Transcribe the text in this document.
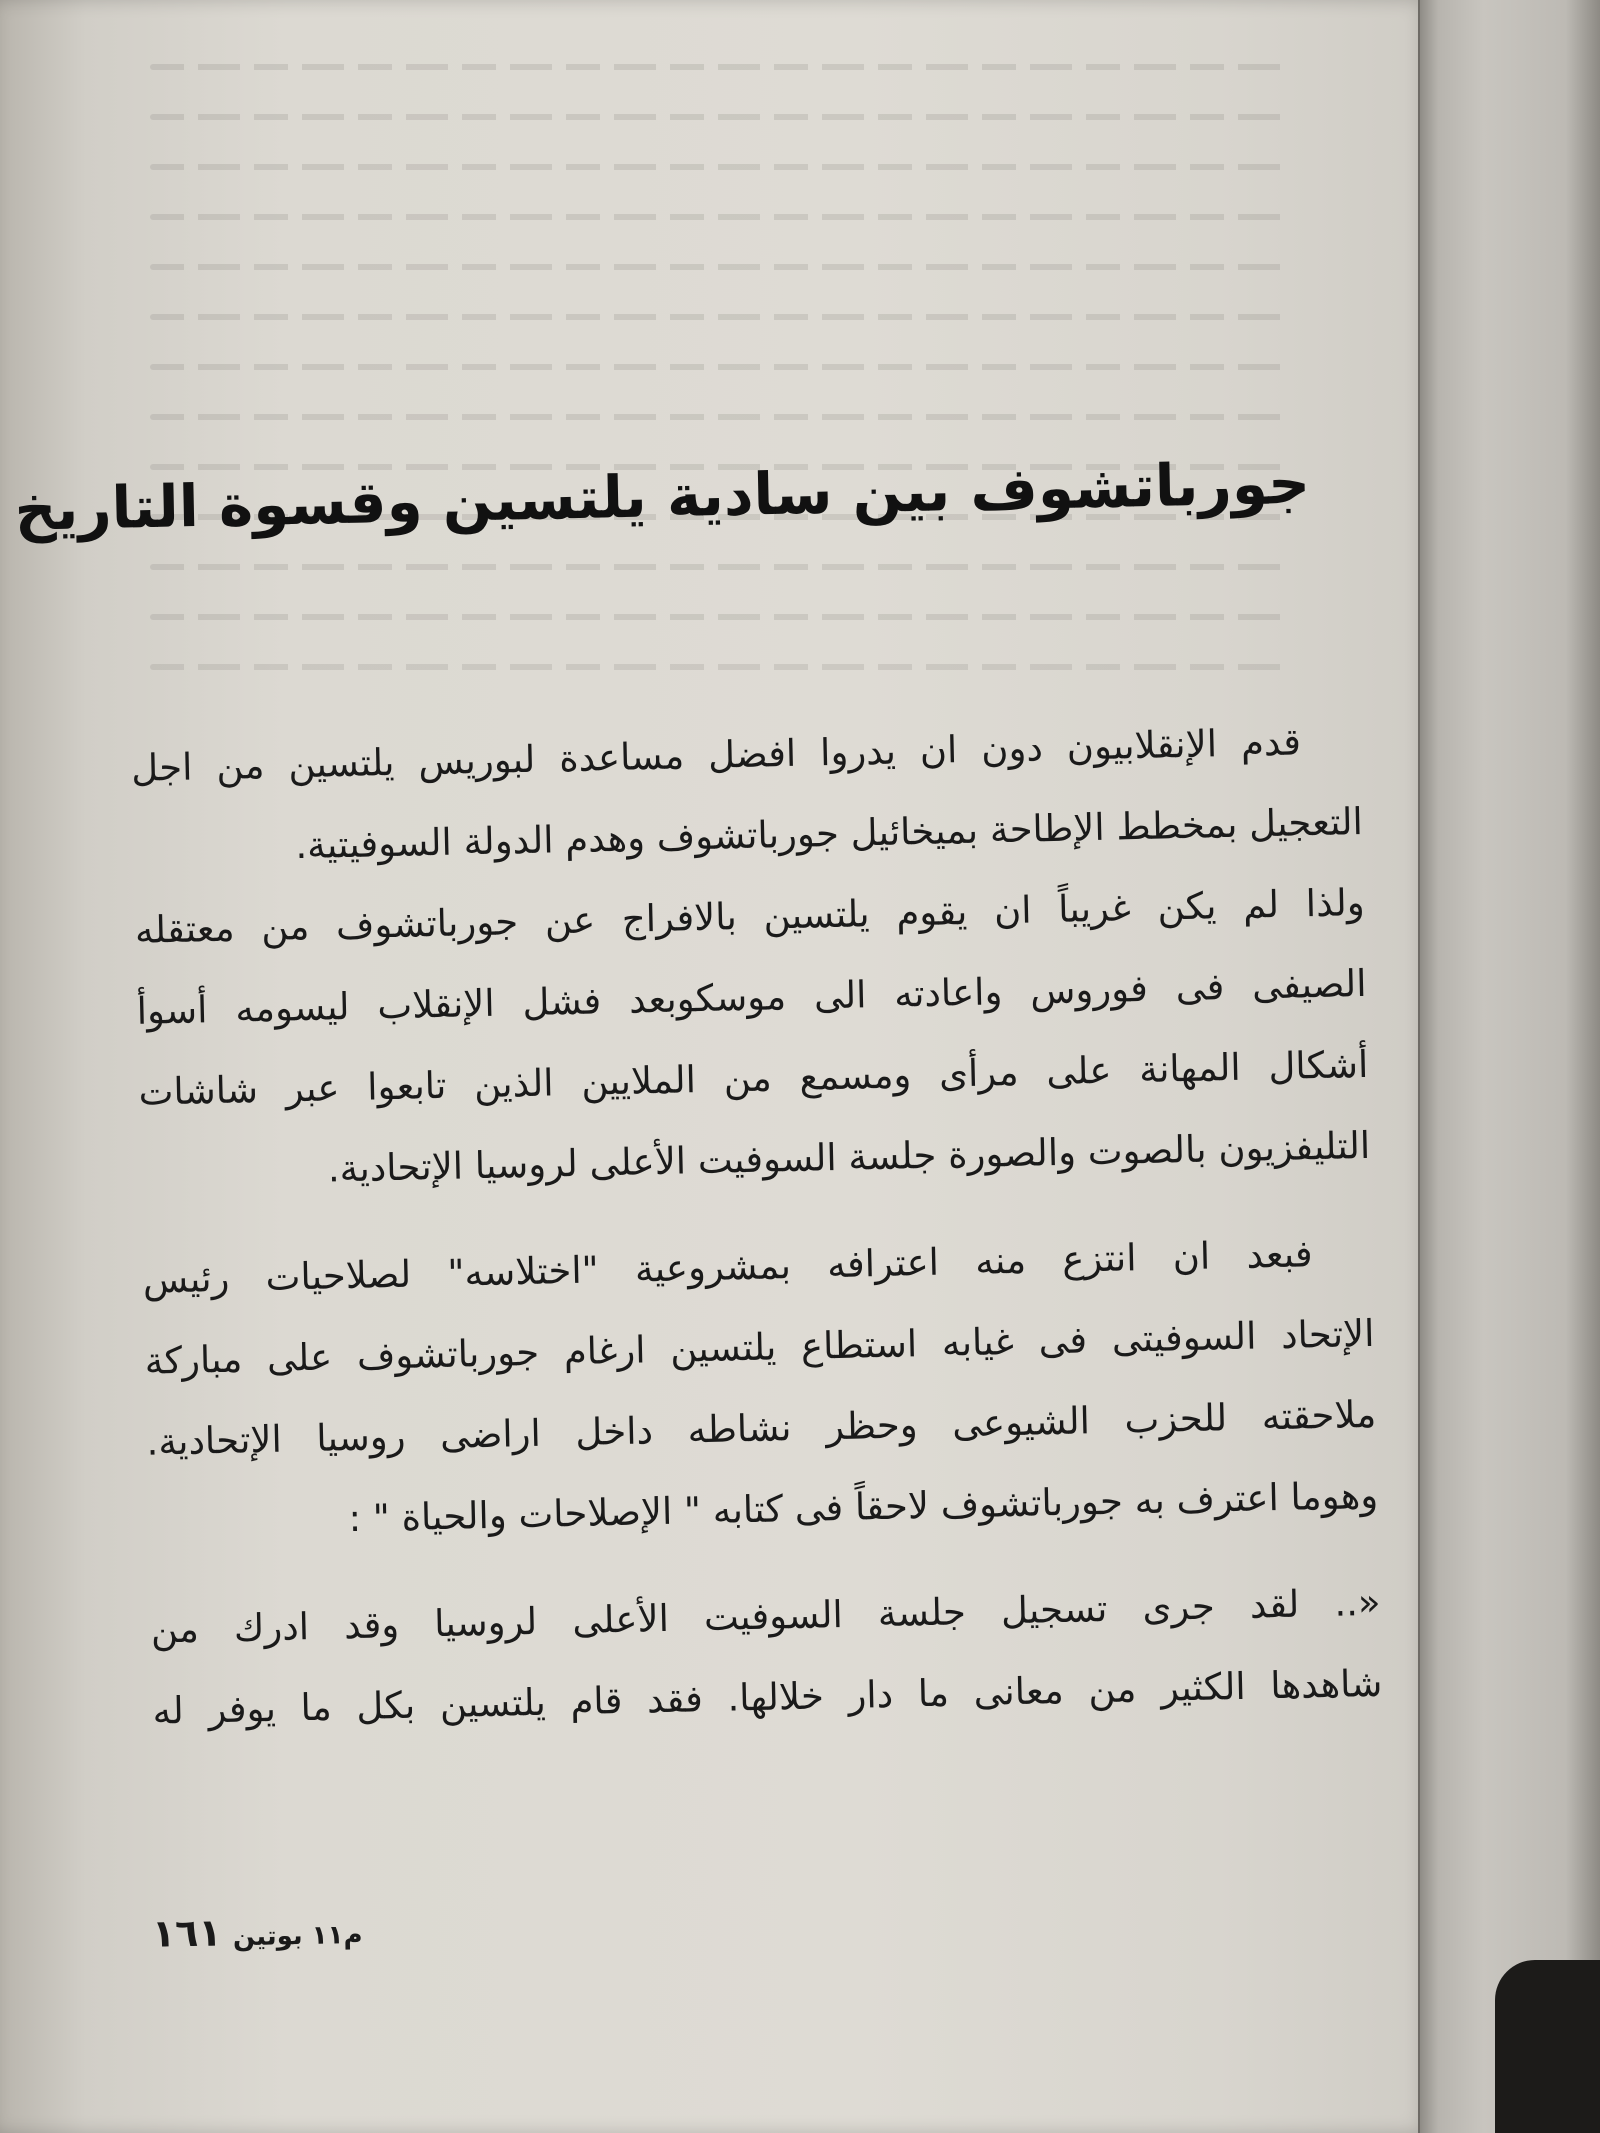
جورباتشوف بين سادية يلتسين وقسوة التاريخ
قدم الإنقلابيون دون ان يدروا افضل مساعدة لبوريس يلتسين من اجل
التعجيل بمخطط الإطاحة بميخائيل جورباتشوف وهدم الدولة السوفيتية.
ولذا لم يكن غريباً ان يقوم يلتسين بالافراج عن جورباتشوف من معتقله
الصيفى فى فوروس واعادته الى موسكوبعد فشل الإنقلاب ليسومه أسوأ
أشكال المهانة على مرأى ومسمع من الملايين الذين تابعوا عبر شاشات
التليفزيون بالصوت والصورة جلسة السوفيت الأعلى لروسيا الإتحادية.
فبعد ان انتزع منه اعترافه بمشروعية "اختلاسه" لصلاحيات رئيس
الإتحاد السوفيتى فى غيابه استطاع يلتسين ارغام جورباتشوف على مباركة
ملاحقته للحزب الشيوعى وحظر نشاطه داخل اراضى روسيا الإتحادية.
وهوما اعترف به جورباتشوف لاحقاً فى كتابه " الإصلاحات والحياة " :
«.. لقد جرى تسجيل جلسة السوفيت الأعلى لروسيا وقد ادرك من
شاهدها الكثير من معانى ما دار خلالها. فقد قام يلتسين بكل ما يوفر له
م١١ بوتين ١٦١
